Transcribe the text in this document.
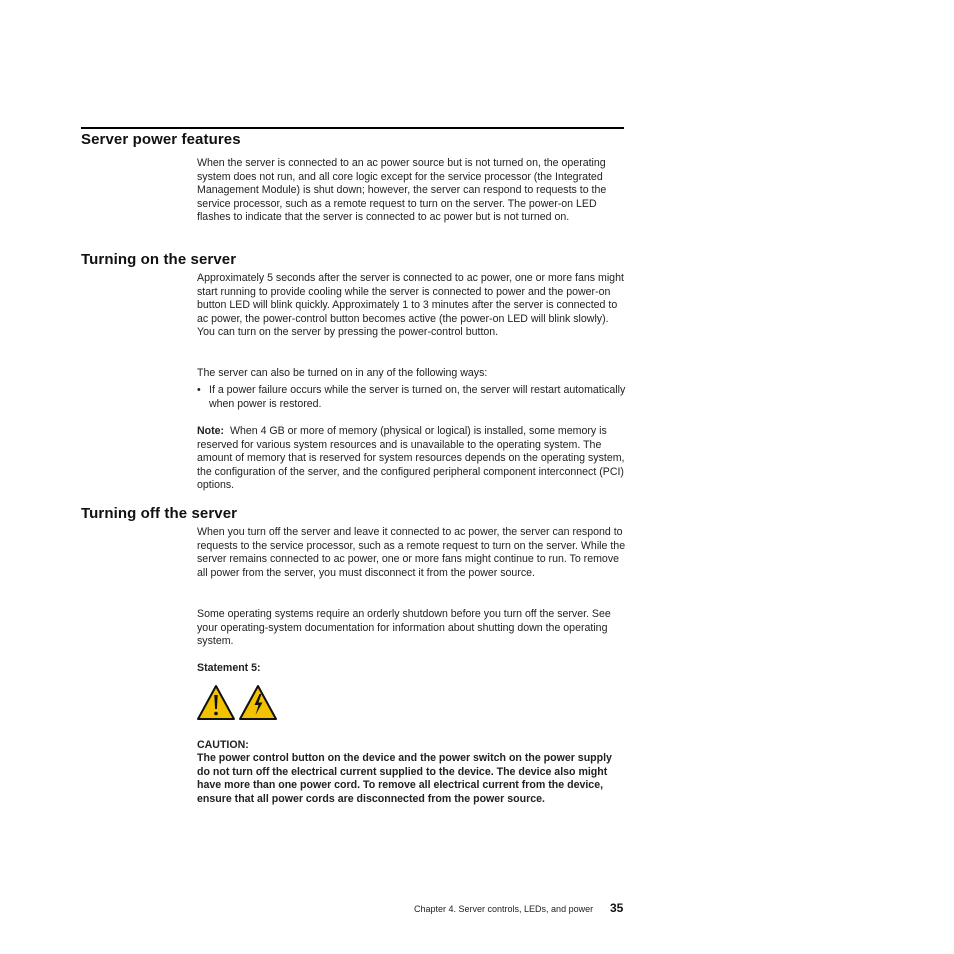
Server power features

When the server is connected to an ac power source but is not turned on, the operating system does not run, and all core logic except for the service processor (the Integrated Management Module) is shut down; however, the server can respond to requests to the service processor, such as a remote request to turn on the server. The power-on LED flashes to indicate that the server is connected to ac power but is not turned on.

Turning on the server

Approximately 5 seconds after the server is connected to ac power, one or more fans might start running to provide cooling while the server is connected to power and the power-on button LED will blink quickly. Approximately 1 to 3 minutes after the server is connected to ac power, the power-control button becomes active (the power-on LED will blink slowly). You can turn on the server by pressing the power-control button.

The server can also be turned on in any of the following ways:

• If a power failure occurs while the server is turned on, the server will restart automatically when power is restored.

Note: When 4 GB or more of memory (physical or logical) is installed, some memory is reserved for various system resources and is unavailable to the operating system. The amount of memory that is reserved for system resources depends on the operating system, the configuration of the server, and the configured peripheral component interconnect (PCI) options.

Turning off the server

When you turn off the server and leave it connected to ac power, the server can respond to requests to the service processor, such as a remote request to turn on the server. While the server remains connected to ac power, one or more fans might continue to run. To remove all power from the server, you must disconnect it from the power source.

Some operating systems require an orderly shutdown before you turn off the server. See your operating-system documentation for information about shutting down the operating system.

Statement 5:

CAUTION:

The power control button on the device and the power switch on the power supply do not turn off the electrical current supplied to the device. The device also might have more than one power cord. To remove all electrical current from the device, ensure that all power cords are disconnected from the power source.

Chapter 4. Server controls, LEDs, and power 35
